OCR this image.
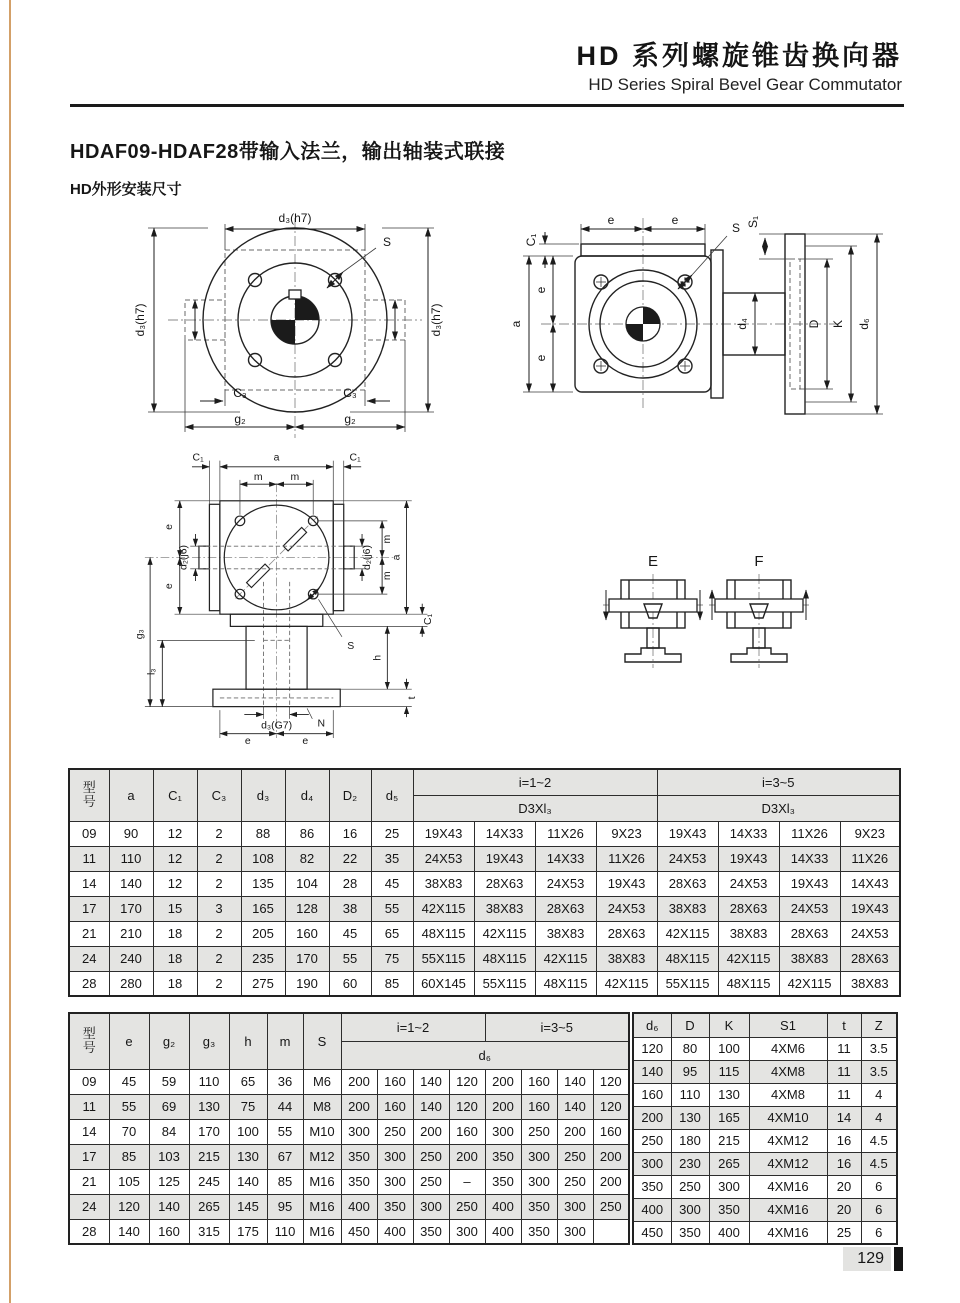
HD 系列螺旋锥齿换向器
HD Series Spiral Bevel Gear Commutator
HDAF09-HDAF28带输入法兰，输出轴装式联接
HD外形安装尺寸
d₃(h7)
d₃(h7)	d₃(h7)
C₃	C₃
g₂	g₂
S
e	e
C₁
a
e
e
S S₁
d₄	D K d₆
C₁	a	C₁
m m
e
e
d₂(j6)	d₂(j6)
m
m
a
g₃
l₃
C₁
h
t
d₃(G7) N
e	e
S
E	F
型
号	a	C₁	C₃	d₃	d₄	D₂	d₅	i=1~2				i=3~5			
								D3Xl₃				D3Xl₃			
09	90	12	2	88	86	16	25	19X43	14X33	11X26	9X23	19X43	14X33	11X26	9X23
11	110	12	2	108	82	22	35	24X53	19X43	14X33	11X26	24X53	19X43	14X33	11X26
14	140	12	2	135	104	28	45	38X83	28X63	24X53	19X43	28X63	24X53	19X43	14X43
17	170	15	3	165	128	38	55	42X115	38X83	28X63	24X53	38X83	28X63	24X53	19X43
21	210	18	2	205	160	45	65	48X115	42X115	38X83	28X63	42X115	38X83	28X63	24X53
24	240	18	2	235	170	55	75	55X115	48X115	42X115	38X83	48X115	42X115	38X83	28X63
28	280	18	2	275	190	60	85	60X145	55X115	48X115	42X115	55X115	48X115	42X115	38X83
型
号	e	g₂	g₃	h	m	S	i=1~2				i=3~5			
							d₆							
09	45	59	110	65	36	M6	200	160	140	120	200	160	140	120
11	55	69	130	75	44	M8	200	160	140	120	200	160	140	120
14	70	84	170	100	55	M10	300	250	200	160	300	250	200	160
17	85	103	215	130	67	M12	350	300	250	200	350	300	250	200
21	105	125	245	140	85	M16	350	300	250	–	350	300	250	200
24	120	140	265	145	95	M16	400	350	300	250	400	350	300	250
28	140	160	315	175	110	M16	450	400	350	300	400	350	300	
d₆	D	K	S1	t	Z
120	80	100	4XM6	11	3.5
140	95	115	4XM8	11	3.5
160	110	130	4XM8	11	4
200	130	165	4XM10	14	4
250	180	215	4XM12	16	4.5
300	230	265	4XM12	16	4.5
350	250	300	4XM16	20	6
400	300	350	4XM16	20	6
450	350	400	4XM16	25	6
129
